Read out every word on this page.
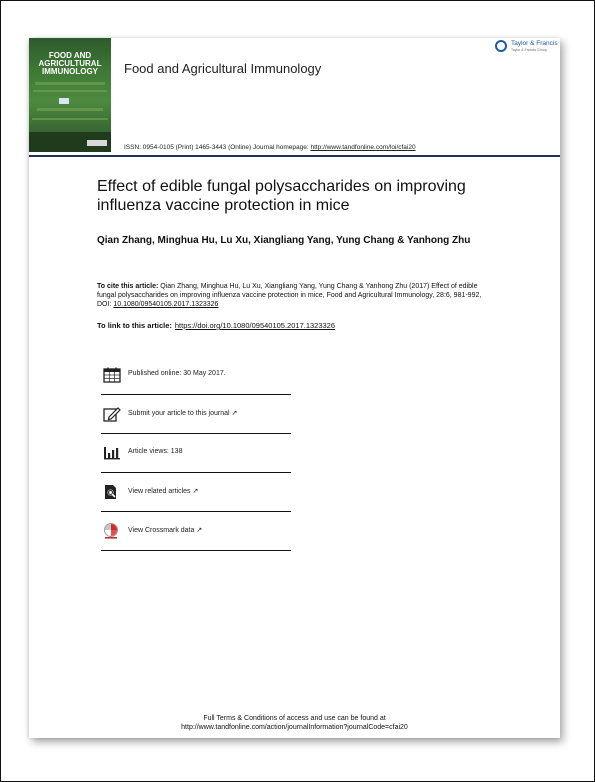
FOOD AND
AGRICULTURAL
IMMUNOLOGY	Food and Agricultural Immunology
Taylor & Francis
Taylor & Francis Group
ISSN: 0954-0105 (Print) 1465-3443 (Online) Journal homepage: http://www.tandfonline.com/loi/cfai20
Effect of edible fungal polysaccharides on improving influenza vaccine protection in mice
Qian Zhang, Minghua Hu, Lu Xu, Xiangliang Yang, Yung Chang & Yanhong Zhu
To cite this article: Qian Zhang, Minghua Hu, Lu Xu, Xiangliang Yang, Yung Chang & Yanhong Zhu (2017) Effect of edible fungal polysaccharides on improving influenza vaccine protection in mice, Food and Agricultural Immunology, 28:6, 981-992, DOI: 10.1080/09540105.2017.1323326
To link to this article: https://doi.org/10.1080/09540105.2017.1323326
Published online: 30 May 2017.
Submit your article to this journal ↗
Article views: 138
View related articles ↗
View Crossmark data ↗
Full Terms & Conditions of access and use can be found at
http://www.tandfonline.com/action/journalInformation?journalCode=cfai20
